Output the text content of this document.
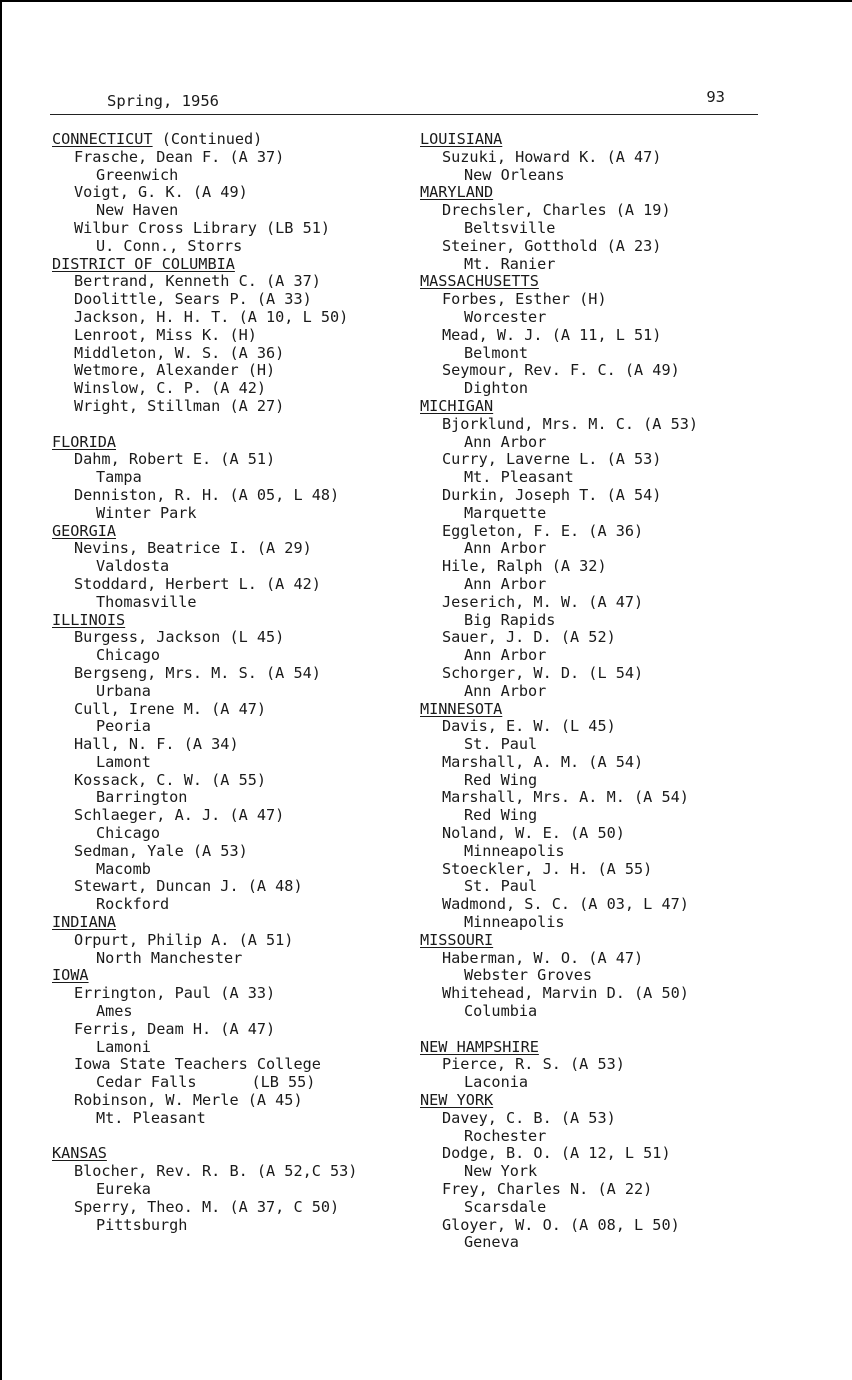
Spring, 1956	93
CONNECTICUT (Continued)
Frasche, Dean F. (A 37)
Greenwich
Voigt, G. K. (A 49)
New Haven
Wilbur Cross Library (LB 51)
U. Conn., Storrs
DISTRICT OF COLUMBIA
Bertrand, Kenneth C. (A 37)
Doolittle, Sears P. (A 33)
Jackson, H. H. T. (A 10, L 50)
Lenroot, Miss K. (H)
Middleton, W. S. (A 36)
Wetmore, Alexander (H)
Winslow, C. P. (A 42)
Wright, Stillman (A 27)
FLORIDA
Dahm, Robert E. (A 51)
Tampa
Denniston, R. H. (A 05, L 48)
Winter Park
GEORGIA
Nevins, Beatrice I. (A 29)
Valdosta
Stoddard, Herbert L. (A 42)
Thomasville
ILLINOIS
Burgess, Jackson (L 45)
Chicago
Bergseng, Mrs. M. S. (A 54)
Urbana
Cull, Irene M. (A 47)
Peoria
Hall, N. F. (A 34)
Lamont
Kossack, C. W. (A 55)
Barrington
Schlaeger, A. J. (A 47)
Chicago
Sedman, Yale (A 53)
Macomb
Stewart, Duncan J. (A 48)
Rockford
INDIANA
Orpurt, Philip A. (A 51)
North Manchester
IOWA
Errington, Paul (A 33)
Ames
Ferris, Deam H. (A 47)
Lamoni
Iowa State Teachers College
Cedar Falls      (LB 55)
Robinson, W. Merle (A 45)
Mt. Pleasant
KANSAS
Blocher, Rev. R. B. (A 52,C 53)
Eureka
Sperry, Theo. M. (A 37, C 50)
Pittsburgh
LOUISIANA
Suzuki, Howard K. (A 47)
New Orleans
MARYLAND
Drechsler, Charles (A 19)
Beltsville
Steiner, Gotthold (A 23)
Mt. Ranier
MASSACHUSETTS
Forbes, Esther (H)
Worcester
Mead, W. J. (A 11, L 51)
Belmont
Seymour, Rev. F. C. (A 49)
Dighton
MICHIGAN
Bjorklund, Mrs. M. C. (A 53)
Ann Arbor
Curry, Laverne L. (A 53)
Mt. Pleasant
Durkin, Joseph T. (A 54)
Marquette
Eggleton, F. E. (A 36)
Ann Arbor
Hile, Ralph (A 32)
Ann Arbor
Jeserich, M. W. (A 47)
Big Rapids
Sauer, J. D. (A 52)
Ann Arbor
Schorger, W. D. (L 54)
Ann Arbor
MINNESOTA
Davis, E. W. (L 45)
St. Paul
Marshall, A. M. (A 54)
Red Wing
Marshall, Mrs. A. M. (A 54)
Red Wing
Noland, W. E. (A 50)
Minneapolis
Stoeckler, J. H. (A 55)
St. Paul
Wadmond, S. C. (A 03, L 47)
Minneapolis
MISSOURI
Haberman, W. O. (A 47)
Webster Groves
Whitehead, Marvin D. (A 50)
Columbia
NEW HAMPSHIRE
Pierce, R. S. (A 53)
Laconia
NEW YORK
Davey, C. B. (A 53)
Rochester
Dodge, B. O. (A 12, L 51)
New York
Frey, Charles N. (A 22)
Scarsdale
Gloyer, W. O. (A 08, L 50)
Geneva
